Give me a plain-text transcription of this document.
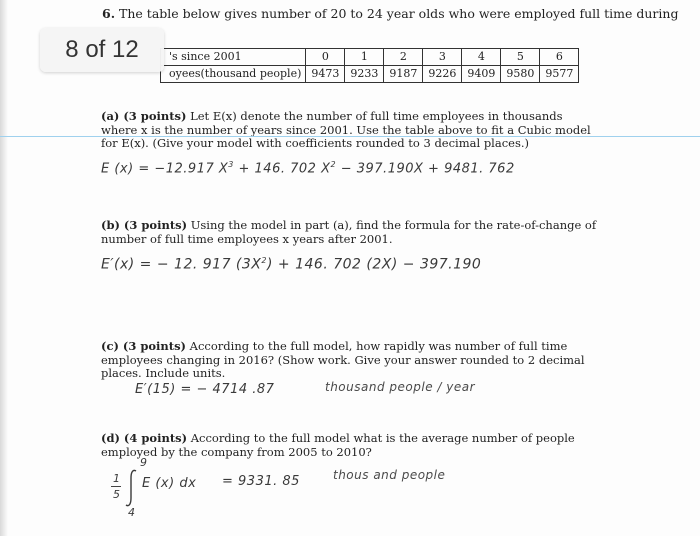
6. The table below gives number of 20 to 24 year olds who were employed full time during
's since 2001	0	1	2	3	4	5	6
oyees(thousand people)	9473	9233	9187	9226	9409	9580	9577
8 of 12
(a) (3 points) Let E(x) denote the number of full time employees in thousands where x is the number of years since 2001. Use the table above to fit a Cubic model for E(x). (Give your model with coefficients rounded to 3 decimal places.)
E (x) = −12.917 $X^3 + 146$. 702 $X^2 - 397.190X + 9481$. 762
(b) (3 points) Using the model in part (a), find the formula for the rate-of-change of number of full time employees x years after 2001.
E′(x) = − 12. 917 $(3X^2) + 146$. 702 (2X) − 397.190
(c) (3 points) According to the full model, how rapidly was number of full time employees changing in 2016? (Show work. Give your answer rounded to 2 decimal places. Include units.
E′(15) = − 4714 .87	thousand people / year
(d) (4 points) According to the full model what is the average number of people employed by the company from 2005 to 2010?
1
5
9
4
E (x) dx = 9331. 85	thous and people
